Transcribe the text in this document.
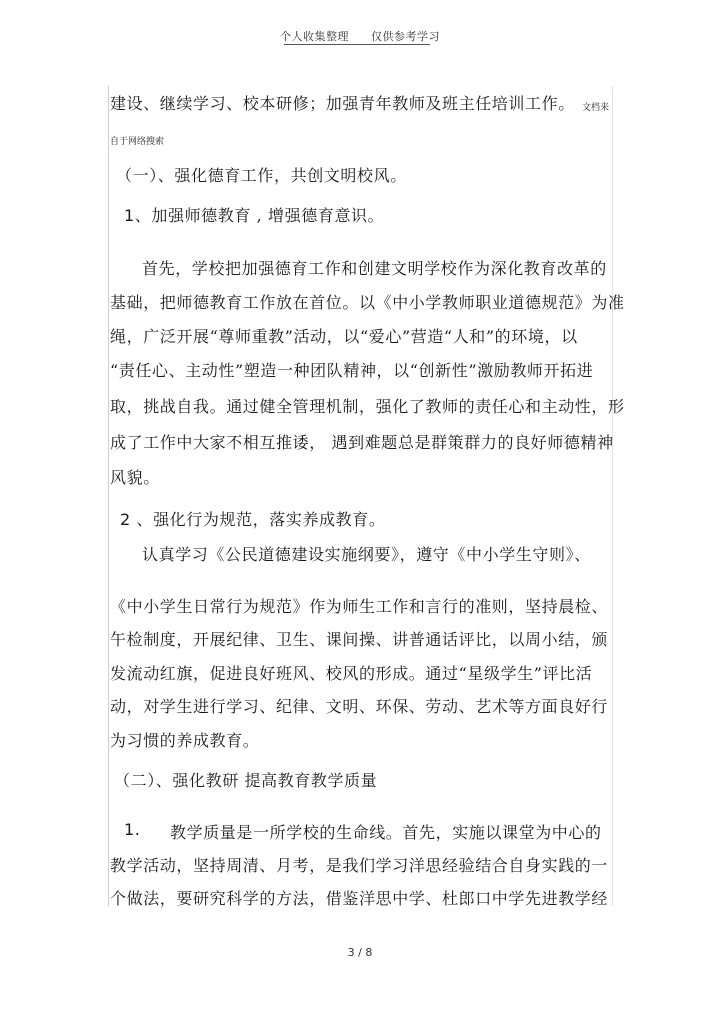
个人收集整理 仅供参考学习
建设、继续学习、校本研修；加强青年教师及班主任培训工作。 文档来
自于网络搜索
（一）、强化德育工作，共创文明校风。
1、加强师德教育 , 增强德育意识。
首先，学校把加强德育工作和创建文明学校作为深化教育改革的
基础，把师德教育工作放在首位。以《中小学教师职业道德规范》为准
绳，广泛开展“尊师重教”活动，以“爱心”营造“人和”的环境，以
“责任心、主动性”塑造一种团队精神，以“创新性”激励教师开拓进
取，挑战自我。通过健全管理机制，强化了教师的责任心和主动性，形
成了工作中大家不相互推诿， 遇到难题总是群策群力的良好师德精神
风貌。
2 、强化行为规范，落实养成教育。
认真学习《公民道德建设实施纲要》，遵守《中小学生守则》、
《中小学生日常行为规范》作为师生工作和言行的准则，坚持晨检、
午检制度，开展纪律、卫生、课间操、讲普通话评比，以周小结，颁
发流动红旗，促进良好班风、校风的形成。通过“星级学生”评比活
动，对学生进行学习、纪律、文明、环保、劳动、艺术等方面良好行
为习惯的养成教育。
（二）、强化教研 提高教育教学质量
1. 教学质量是一所学校的生命线。首先，实施以课堂为中心的
教学活动，坚持周清、月考，是我们学习洋思经验结合自身实践的一
个做法，要研究科学的方法，借鉴洋思中学、杜郎口中学先进教学经
3 / 8
